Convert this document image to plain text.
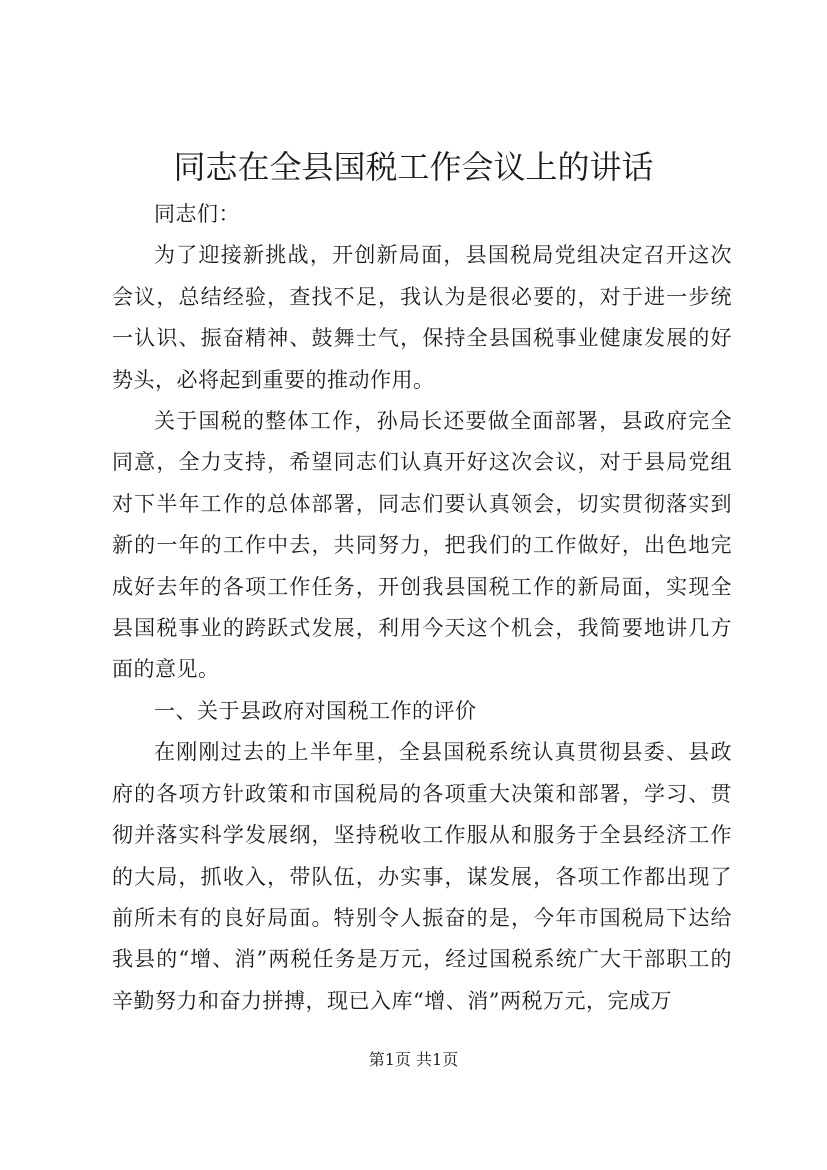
同志在全县国税工作会议上的讲话

同志们：

为了迎接新挑战，开创新局面，县国税局党组决定召开这次会议，总结经验，查找不足，我认为是很必要的，对于进一步统一认识、振奋精神、鼓舞士气，保持全县国税事业健康发展的好势头，必将起到重要的推动作用。

关于国税的整体工作，孙局长还要做全面部署，县政府完全同意，全力支持，希望同志们认真开好这次会议，对于县局党组对下半年工作的总体部署，同志们要认真领会，切实贯彻落实到新的一年的工作中去，共同努力，把我们的工作做好，出色地完成好去年的各项工作任务，开创我县国税工作的新局面，实现全县国税事业的跨跃式发展，利用今天这个机会，我简要地讲几方面的意见。

一、关于县政府对国税工作的评价

在刚刚过去的上半年里，全县国税系统认真贯彻县委、县政府的各项方针政策和市国税局的各项重大决策和部署，学习、贯彻并落实科学发展纲，坚持税收工作服从和服务于全县经济工作的大局，抓收入，带队伍，办实事，谋发展，各项工作都出现了前所未有的良好局面。特别令人振奋的是，今年市国税局下达给我县的“增、消”两税任务是万元，经过国税系统广大干部职工的辛勤努力和奋力拼搏，现已入库“增、消”两税万元，完成万

第1页 共1页
